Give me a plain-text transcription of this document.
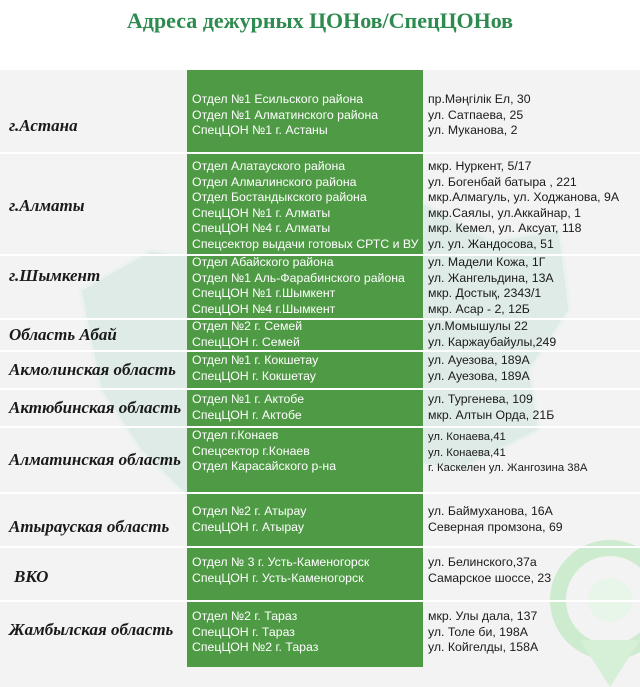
Адреса дежурных ЦОНов/СпецЦОНов
г.Астана
Отдел №1 Есильского района
Отдел №1 Алматинского района
СпецЦОН №1 г. Астаны
пр.Мәңгілік Ел, 30
ул. Сатпаева, 25
ул. Муканова, 2
г.Алматы
Отдел Алатауского района
Отдел Алмалинского района
Отдел Бостандыкского района
СпецЦОН №1 г. Алматы
СпецЦОН №4 г. Алматы
Спецсектор выдачи готовых СРТС и ВУ
мкр. Нуркент, 5/17
ул. Богенбай батыра , 221
мкр.Алмагуль, ул. Ходжанова, 9А
мкр.Саялы, ул.Аккайнар, 1
мкр. Кемел, ул. Аксуат, 118
ул. ул. Жандосова, 51
г.Шымкент
Отдел Абайского района
Отдел №1 Аль-Фарабинского района
СпецЦОН №1 г.Шымкент
СпецЦОН №4 г.Шымкент
ул. Мадели Кожа, 1Г
ул. Жангельдина, 13А
мкр. Достық, 2343/1
мкр. Асар - 2, 12Б
Область Абай	Отдел №2 г. Семей
СпецЦОН г. Семей
ул.Момышулы 22
ул. Каржаубайулы,249
Акмолинская область	Отдел №1 г. Кокшетау
СпецЦОН г. Кокшетау
ул. Ауезова, 189А
ул. Ауезова, 189А
Актюбинская область Отдел №1 г. Актобе
СпецЦОН г. Актобе
ул. Тургенева, 109
мкр. Алтын Орда, 21Б
Алматинская область
Отдел г.Конаев
Спецсектор г.Конаев
Отдел Карасайского р-на
ул. Конаева,41
ул. Конаева,41
г. Каскелен ул. Жангозина 38А
Атырауская область
Отдел №2 г. Атырау
СпецЦОН г. Атырау
ул. Баймуханова, 16А
Северная промзона, 69
ВКО
Отдел № 3 г. Усть-Каменогорск
СпецЦОН г. Усть-Каменогорск
ул. Белинского,37а
Самарское шоссе, 23
Жамбылская область
Отдел №2 г. Тараз
СпецЦОН г. Тараз
СпецЦОН №2 г. Тараз
мкр. Улы дала, 137
ул. Толе би, 198А
ул. Койгелды, 158А
